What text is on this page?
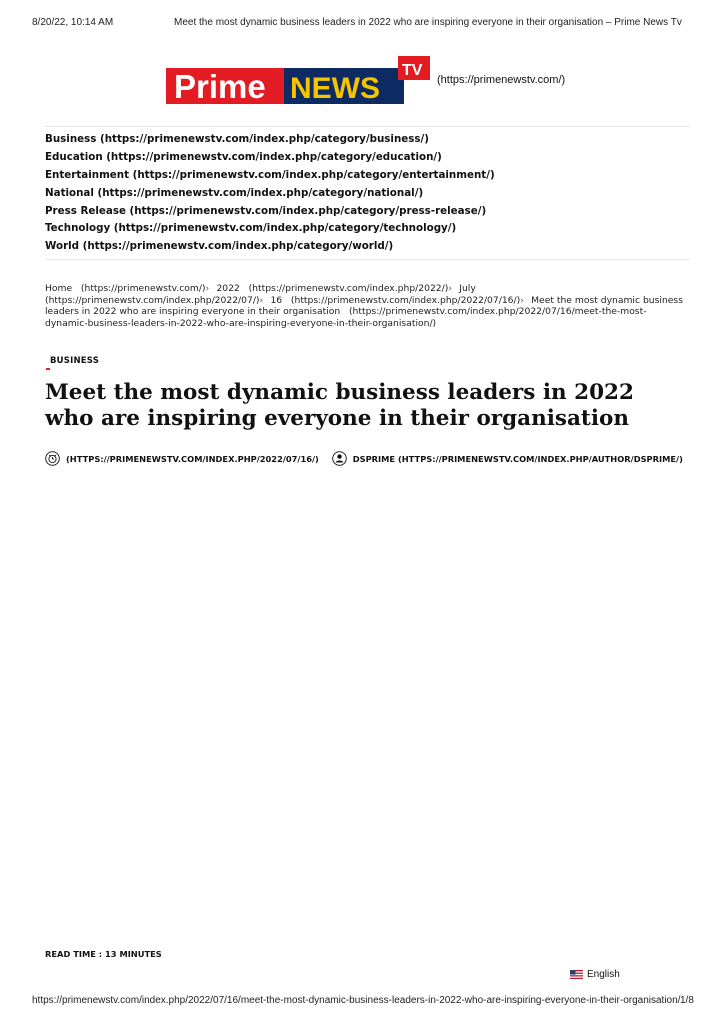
8/20/22, 10:14 AM	Meet the most dynamic business leaders in 2022 who are inspiring everyone in their organisation – Prime News Tv
Prime NEWS
TV
(https://primenewstv.com/)
Business (https://primenewstv.com/index.php/category/business/)
Education (https://primenewstv.com/index.php/category/education/)
Entertainment (https://primenewstv.com/index.php/category/entertainment/)
National (https://primenewstv.com/index.php/category/national/)
Press Release (https://primenewstv.com/index.php/category/press-release/)
Technology (https://primenewstv.com/index.php/category/technology/)
World (https://primenewstv.com/index.php/category/world/)
Home (https://primenewstv.com/)› 2022 (https://primenewstv.com/index.php/2022/)› July (https://primenewstv.com/index.php/2022/07/)› 16 (https://primenewstv.com/index.php/2022/07/16/)› Meet the most dynamic business leaders in 2022 who are inspiring everyone in their organisation (https://primenewstv.com/index.php/2022/07/16/meet-the-most-dynamic-business-leaders-in-2022-who-are-inspiring-everyone-in-their-organisation/)
BUSINESS
Meet the most dynamic business leaders in 2022 who are inspiring everyone in their organisation
(HTTPS://PRIMENEWSTV.COM/INDEX.PHP/2022/07/16/)
	DSPRIME (HTTPS://PRIMENEWSTV.COM/INDEX.PHP/AUTHOR/DSPRIME/)
READ TIME : 13 MINUTES
English
https://primenewstv.com/index.php/2022/07/16/meet-the-most-dynamic-business-leaders-in-2022-who-are-inspiring-everyone-in-their-organisation/ 1/8
